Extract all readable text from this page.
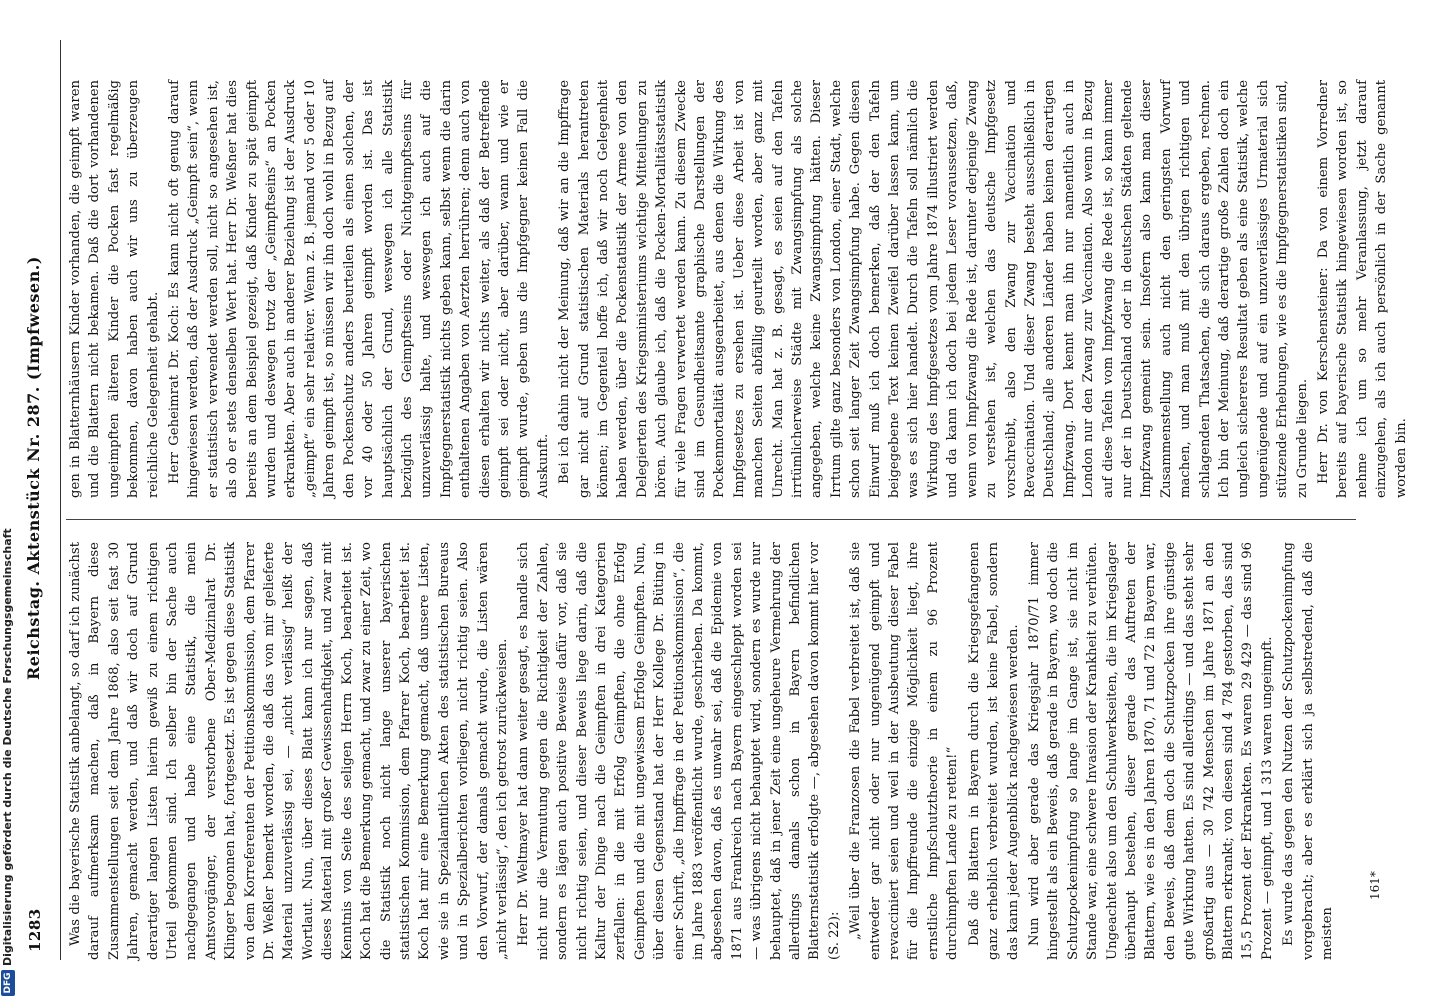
1283
Reichstag. Aktenstück Nr. 287. (Impfwesen.)

Was die bayerische Statistik anbelangt, so darf ich zunächst darauf aufmerksam machen, daß in Bayern diese Zusammenstellungen seit dem Jahre 1868, also seit fast 30 Jahren, gemacht werden, und daß wir doch auf Grund derartiger langen Listen hierin gewiß zu einem richtigen Urteil gekommen sind. Ich selber bin der Sache auch nachgegangen und habe eine Statistik, die mein Amtsvorgänger, der verstorbene Ober-Medizinalrat Dr. Klinger begonnen hat, fortgesetzt. Es ist gegen diese Statistik von dem Korreferenten der Petitionskommission, dem Pfarrer Dr. Weßler bemerkt worden, die daß das von mir gelieferte Material unzuverlässig sei, — „nicht verlässig“ heißt der Wortlaut. Nun, über dieses Blatt kann ich nur sagen, daß dieses Material mit großer Gewissenhaftigkeit, und zwar mit Kenntnis von Seite des seligen Herrn Koch, bearbeitet ist. Koch hat die Bemerkung gemacht, und zwar zu einer Zeit, wo die Statistik noch nicht lange unserer bayerischen statistischen Kommission, dem Pfarrer Koch, bearbeitet ist. Koch hat mir eine Bemerkung gemacht, daß unsere Listen, wie sie in Spezialamtlichen Akten des statistischen Bureaus und in Spezialberichten vorliegen, nicht richtig seien. Also den Vorwurf, der damals gemacht wurde, die Listen wären „nicht verlässig“, den ich getrost zurückweisen. Herr Dr. Weltmayer hat dann weiter gesagt, es handle sich nicht nur die Vermutung gegen die Richtigkeit der Zahlen, sondern es lägen auch positive Beweise dafür vor, daß sie nicht richtig seien, und dieser Beweis liege darin, daß die Kaltur der Dinge nach die Geimpften in drei Kategorien zerfallen: in die mit Erfolg Geimpften, die ohne Erfolg Geimpften und die mit ungewissem Erfolge Geimpften. Nun, über diesen Gegenstand hat der Herr Kollege Dr. Büting in einer Schrift, „die Impffrage in der Petitionskommission“, die im Jahre 1883 veröffentlicht wurde, geschrieben. Da kommt, abgesehen davon, daß es unwahr sei, daß die Epidemie von 1871 aus Frankreich nach Bayern eingeschleppt worden sei — was übrigens nicht behauptet wird, sondern es wurde nur behauptet, daß in jener Zeit eine ungeheure Vermehrung der allerdings damals schon in Bayern befindlichen Blatternstatistik erfolgte —, abgesehen davon kommt hier vor (S. 22): „Weil über die Franzosen die Fabel verbreitet ist, daß sie entweder gar nicht oder nur ungenügend geimpft und revacciniert seien und weil in der Ausbeutung dieser Fabel für die Impffreunde die einzige Möglichkeit liegt, ihre ernstliche Impfschutztheorie in einem zu 96 Prozent durchimpften Lande zu retten!“ Daß die Blattern in Bayern durch die Kriegsgefangenen ganz erheblich verbreitet wurden, ist keine Fabel, sondern das kann jeder Augenblick nachgewiesen werden. Nun wird aber gerade das Kriegsjahr 1870/71 immer hingestellt als ein Beweis, daß gerade in Bayern, wo doch die Schutzpockenimpfung so lange im Gange ist, sie nicht im Stande war, eine schwere Invasion der Krankheit zu verhüten. Ungeachtet also um den Schuhwerkseiten, die im Kriegslager überhaupt bestehen, dieser gerade das Auftreten der Blattern, wie es in den Jahren 1870, 71 und 72 in Bayern war, den Beweis, daß dem doch die Schutzpocken ihre günstige gute Wirkung hatten. Es sind allerdings — und das steht sehr großartig aus — 30 742 Menschen im Jahre 1871 an den Blattern erkrankt; von diesen sind 4 784 gestorben, das sind 15,5 Prozent der Erkrankten. Es waren 29 429 — das sind 96 Prozent — geimpft, und 1 313 waren ungeimpft. Es wurde das gegen den Nutzen der Schutzpockenimpfung vorgebracht; aber es erklärt sich ja selbstredend, daß die meisten

gen in Blatternhäusern Kinder vorhanden, die geimpft waren und die Blattern nicht bekamen. Daß die dort vorhandenen ungeimpften älteren Kinder die Pocken fast regelmäßig bekommen, davon haben auch wir uns zu überzeugen reichliche Gelegenheit gehabt. Herr Geheimrat Dr. Koch: Es kann nicht oft genug darauf hingewiesen werden, daß der Ausdruck „Geimpft sein“, wenn er statistisch verwendet werden soll, nicht so angesehen ist, als ob er stets denselben Wert hat. Herr Dr. Weßner hat dies bereits an dem Beispiel gezeigt, daß Kinder zu spät geimpft wurden und deswegen trotz der „Geimpftseins“ an Pocken erkrankten. Aber auch in anderer Beziehung ist der Ausdruck „geimpft“ ein sehr relativer. Wenn z. B. jemand vor 5 oder 10 Jahren geimpft ist, so müssen wir ihn doch wohl in Bezug auf den Pockenschutz anders beurteilen als einen solchen, der vor 40 oder 50 Jahren geimpft worden ist. Das ist hauptsächlich der Grund, weswegen ich alle Statistik bezüglich des Geimpftseins oder Nichtgeimpftseins für unzuverlässig halte, und weswegen ich auch auf die Impfgegnerstatistik nichts geben kann, selbst wenn die darin enthaltenen Angaben von Aerzten herrühren; denn auch von diesen erhalten wir nichts weiter, als daß der Betreffende geimpft sei oder nicht, aber darüber, wann und wie er geimpft wurde, geben uns die Impfgegner keinen Fall die Auskunft. Bei ich dahin nicht der Meinung, daß wir an die Impffrage gar nicht auf Grund statistischen Materials herantreten können; im Gegenteil hoffe ich, daß wir noch Gelegenheit haben werden, über die Pockenstatistik der Armee von den Delegierten des Kriegsministeriums wichtige Mitteilungen zu hören. Auch glaube ich, daß die Pocken-Mortalitätsstatistik für viele Fragen verwertet werden kann. Zu diesem Zwecke sind im Gesundheitsamte graphische Darstellungen der Pockenmortalität ausgearbeitet, aus denen die Wirkung des Impfgesetzes zu ersehen ist. Ueber diese Arbeit ist von manchen Seiten abfällig geurteilt worden, aber ganz mit Unrecht. Man hat z. B. gesagt, es seien auf den Tafeln irrtümlicherweise Städte mit Zwangsimpfung als solche angegeben, welche keine Zwangsimpfung hätten. Dieser Irrtum gilte ganz besonders von London, einer Stadt, welche schon seit langer Zeit Zwangsimpfung habe. Gegen diesen Einwurf muß ich doch bemerken, daß der den Tafeln beigegebene Text keinen Zweifel darüber lassen kann, um was es sich hier handelt. Durch die Tafeln soll nämlich die Wirkung des Impfgesetzes vom Jahre 1874 illustriert werden und da kann ich doch bei jedem Leser voraussetzen, daß, wenn von Impfzwang die Rede ist, darunter derjenige Zwang zu verstehen ist, welchen das deutsche Impfgesetz vorschreibt, also den Zwang zur Vaccination und Revaccination. Und dieser Zwang besteht ausschließlich in Deutschland; alle anderen Länder haben keinen derartigen Impfzwang. Dort kennt man ihn nur namentlich auch in London nur den Zwang zur Vaccination. Also wenn in Bezug auf diese Tafeln vom Impfzwang die Rede ist, so kann immer nur der in Deutschland oder in deutschen Städten geltende Impfzwang gemeint sein. Insofern also kann man dieser Zusammenstellung auch nicht den geringsten Vorwurf machen, und man muß mit den übrigen richtigen und schlagenden Thatsachen, die sich daraus ergeben, rechnen. Ich bin der Meinung, daß derartige große Zahlen doch ein ungleich sichereres Resultat geben als eine Statistik, welche ungenügende und auf ein unzuverlässiges Urmaterial sich stützende Erhebungen, wie es die Impfgegnerstatistiken sind, zu Grunde liegen. Herr Dr. von Kerschensteiner: Da von einem Vorredner bereits auf bayerische Statistik hingewiesen worden ist, so nehme ich um so mehr Veranlassung, jetzt darauf einzugehen, als ich auch persönlich in der Sache genannt worden bin.

161*
DFG
Digitalisierung gefördert durch die Deutsche Forschungsgemeinschaft
